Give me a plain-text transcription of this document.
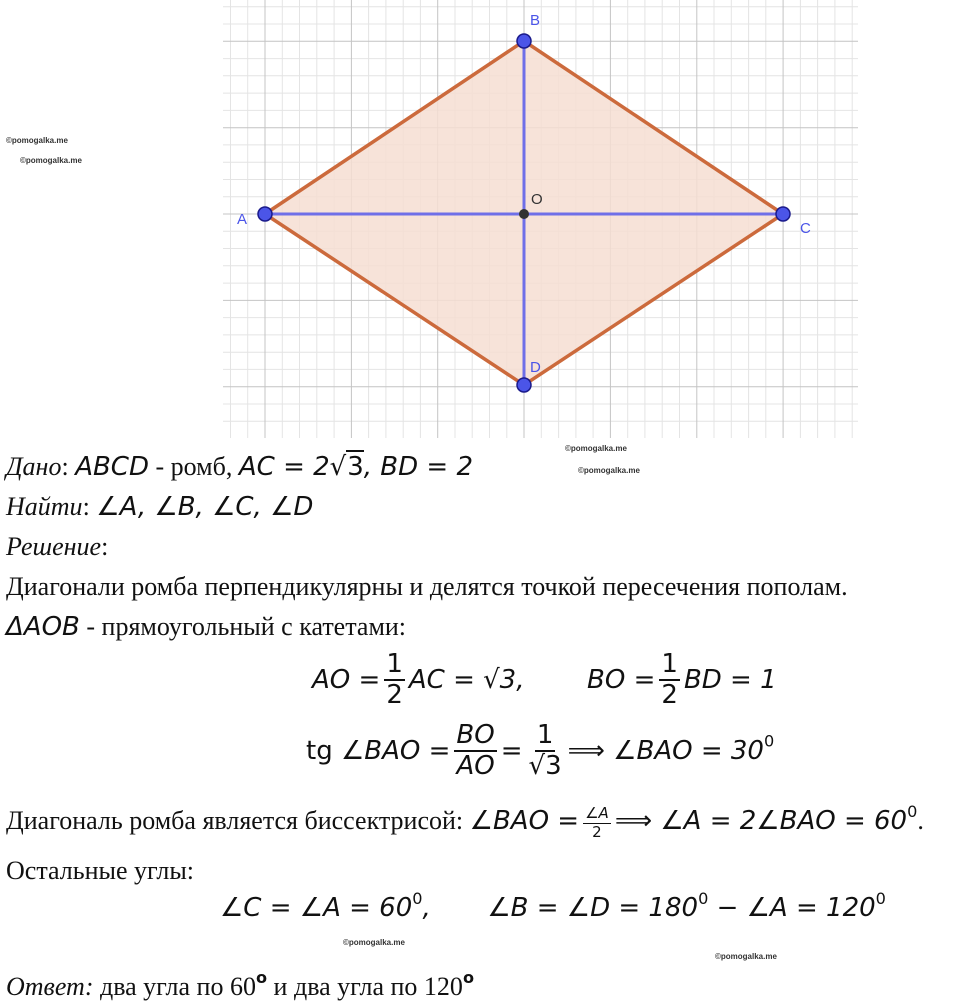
A
B
C
D
O
©pomogalka.me
©pomogalka.me
©pomogalka.me
©pomogalka.me
©pomogalka.me
©pomogalka.me
Дано: ABCD - ромб, AC = 2√3, BD = 2
Найти: ∠A, ∠B, ∠C, ∠D
Решение:
Диагонали ромба перпендикулярны и делятся точкой пересечения пополам.
ΔAOB - прямоугольный с катетами:
AO = $\frac{1}{2}$ AC = √3, BO = $\frac{1}{2}$ BD = 1
tg ∠BAO = $\frac{BO}{AO} = \frac{1}{√3}$ ⟹ ∠BAO = $30^0$
Диагональ ромба является биссектрисой: ∠BAO = $\frac{\angle A}{2}$ ⟹ ∠A = 2∠BAO = $60^0$.
Остальные углы:
∠C = ∠A = $60^0$, ∠B = ∠D = $180^0$ − ∠A = $120^0$
Ответ: два угла по 60$^o$ и два угла по 120$^o$
